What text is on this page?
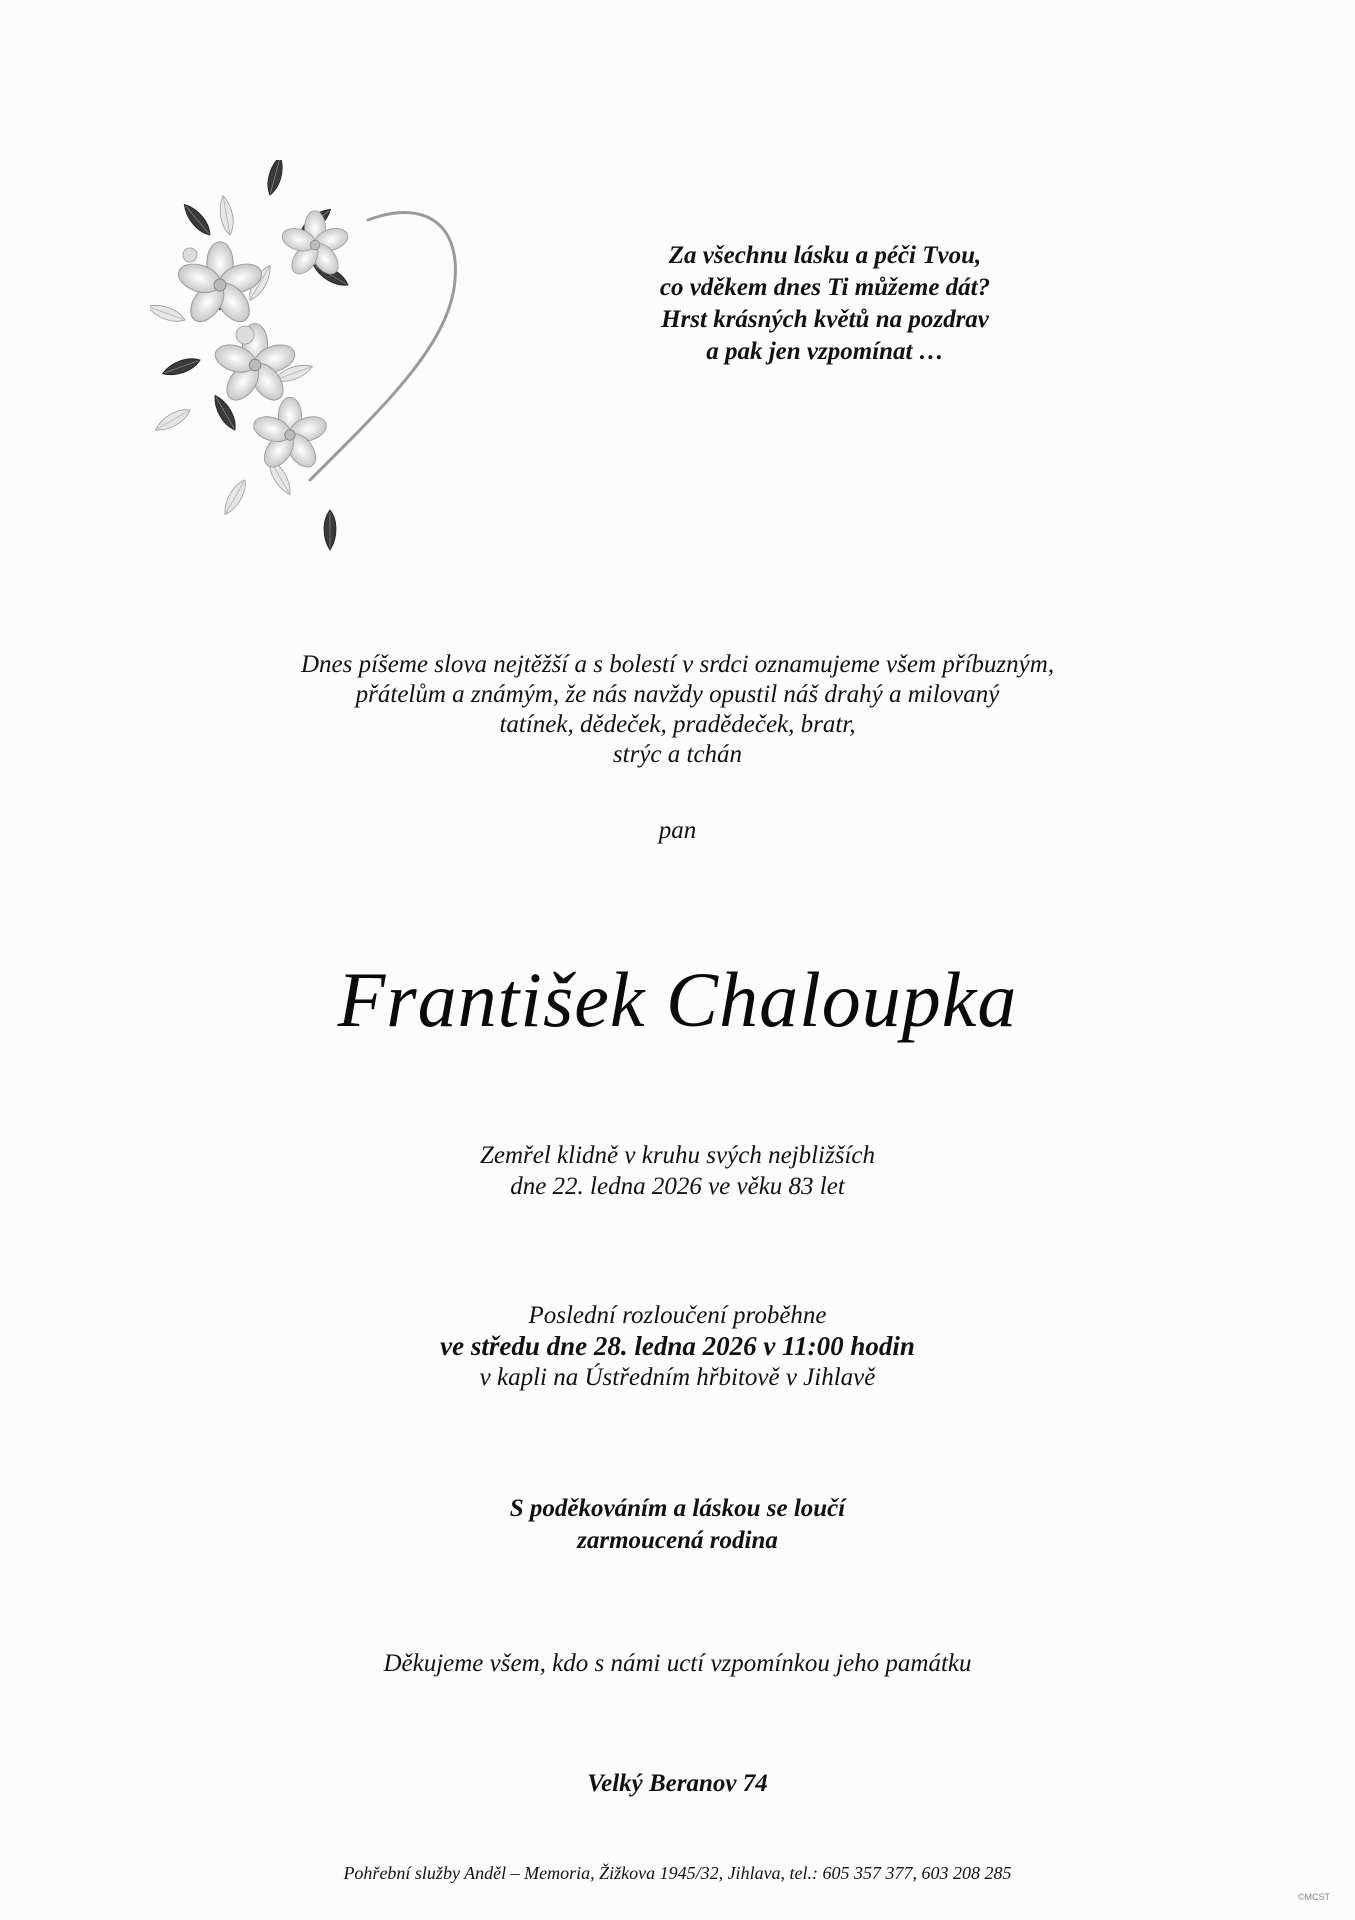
Za všechnu lásku a péči Tvou,
co vděkem dnes Ti můžeme dát?
Hrst krásných květů na pozdrav
a pak jen vzpomínat …
Dnes píšeme slova nejtěžší a s bolestí v srdci oznamujeme všem příbuzným,
přátelům a známým, že nás navždy opustil náš drahý a milovaný
tatínek, dědeček, pradědeček, bratr,
strýc a tchán
pan
František Chaloupka
Zemřel klidně v kruhu svých nejbližších
dne 22. ledna 2026 ve věku 83 let
Poslední rozloučení proběhne
ve středu dne 28. ledna 2026 v 11:00 hodin
v kapli na Ústředním hřbitově v Jihlavě
S poděkováním a láskou se loučí
zarmoucená rodina
Děkujeme všem, kdo s námi uctí vzpomínkou jeho památku
Velký Beranov 74
Pohřební služby Anděl – Memoria, Žižkova 1945/32, Jihlava, tel.: 605 357 377, 603 208 285
©MCST
